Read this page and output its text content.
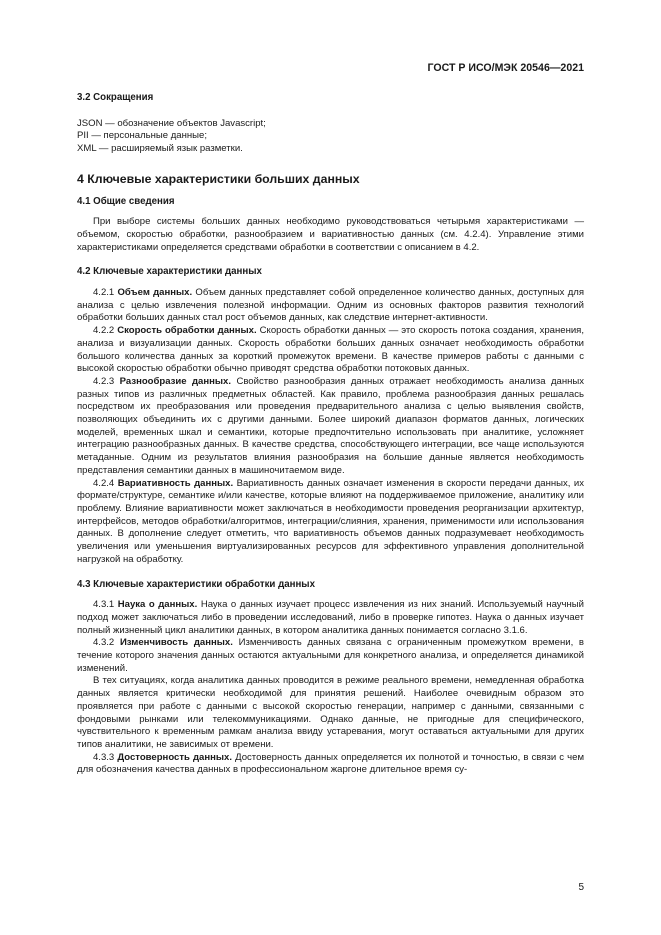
ГОСТ Р ИСО/МЭК 20546—2021
3.2 Сокращения
JSON — обозначение объектов Javascript;
PII — персональные данные;
XML — расширяемый язык разметки.
4 Ключевые характеристики больших данных
4.1 Общие сведения

При выборе системы больших данных необходимо руководствоваться четырьмя характеристиками — объемом, скоростью обработки, разнообразием и вариативностью данных (см. 4.2.4). Управление этими характеристиками определяется средствами обработки в соответствии с описанием в 4.2.

4.2 Ключевые характеристики данных

4.2.1 Объем данных. Объем данных представляет собой определенное количество данных, доступных для анализа с целью извлечения полезной информации. Одним из основных факторов развития технологий обработки больших данных стал рост объемов данных, как следствие интернет-активности.

4.2.2 Скорость обработки данных. Скорость обработки данных — это скорость потока создания, хранения, анализа и визуализации данных. Скорость обработки больших данных означает необходимость обработки большого количества данных за короткий промежуток времени. В качестве примеров работы с данными с высокой скоростью обработки обычно приводят средства обработки потоковых данных.

4.2.3 Разнообразие данных. Свойство разнообразия данных отражает необходимость анализа данных разных типов из различных предметных областей. Как правило, проблема разнообразия данных решалась посредством их преобразования или проведения предварительного анализа с целью выявления свойств, позволяющих объединить их с другими данными. Более широкий диапазон форматов данных, логических моделей, временных шкал и семантики, которые предпочтительно использовать при аналитике, усложняет интеграцию разнообразных данных. В качестве средства, способствующего интеграции, все чаще используются метаданные. Одним из результатов влияния разнообразия на большие данные является необходимость представления семантики данных в машиночитаемом виде.

4.2.4 Вариативность данных. Вариативность данных означает изменения в скорости передачи данных, их формате/структуре, семантике и/или качестве, которые влияют на поддерживаемое приложение, аналитику или проблему. Влияние вариативности может заключаться в необходимости проведения реорганизации архитектур, интерфейсов, методов обработки/алгоритмов, интеграции/слияния, хранения, применимости или использования данных. В дополнение следует отметить, что вариативность объемов данных подразумевает необходимость увеличения или уменьшения виртуализированных ресурсов для эффективного управления дополнительной нагрузкой на обработку.

4.3 Ключевые характеристики обработки данных

4.3.1 Наука о данных. Наука о данных изучает процесс извлечения из них знаний. Используемый научный подход может заключаться либо в проведении исследований, либо в проверке гипотез. Наука о данных изучает полный жизненный цикл аналитики данных, в котором аналитика данных понимается согласно 3.1.6.

4.3.2 Изменчивость данных. Изменчивость данных связана с ограниченным промежутком времени, в течение которого значения данных остаются актуальными для конкретного анализа, и определяется динамикой изменений.

В тех ситуациях, когда аналитика данных проводится в режиме реального времени, немедленная обработка данных является критически необходимой для принятия решений. Наиболее очевидным образом это проявляется при работе с данными с высокой скоростью генерации, например с данными, связанными с фондовыми рынками или телекоммуникациями. Однако данные, не пригодные для специфического, чувствительного к временным рамкам анализа ввиду устаревания, могут оставаться актуальными для других типов аналитики, не зависимых от времени.

4.3.3 Достоверность данных. Достоверность данных определяется их полнотой и точностью, в связи с чем для обозначения качества данных в профессиональном жаргоне длительное время су-

5
